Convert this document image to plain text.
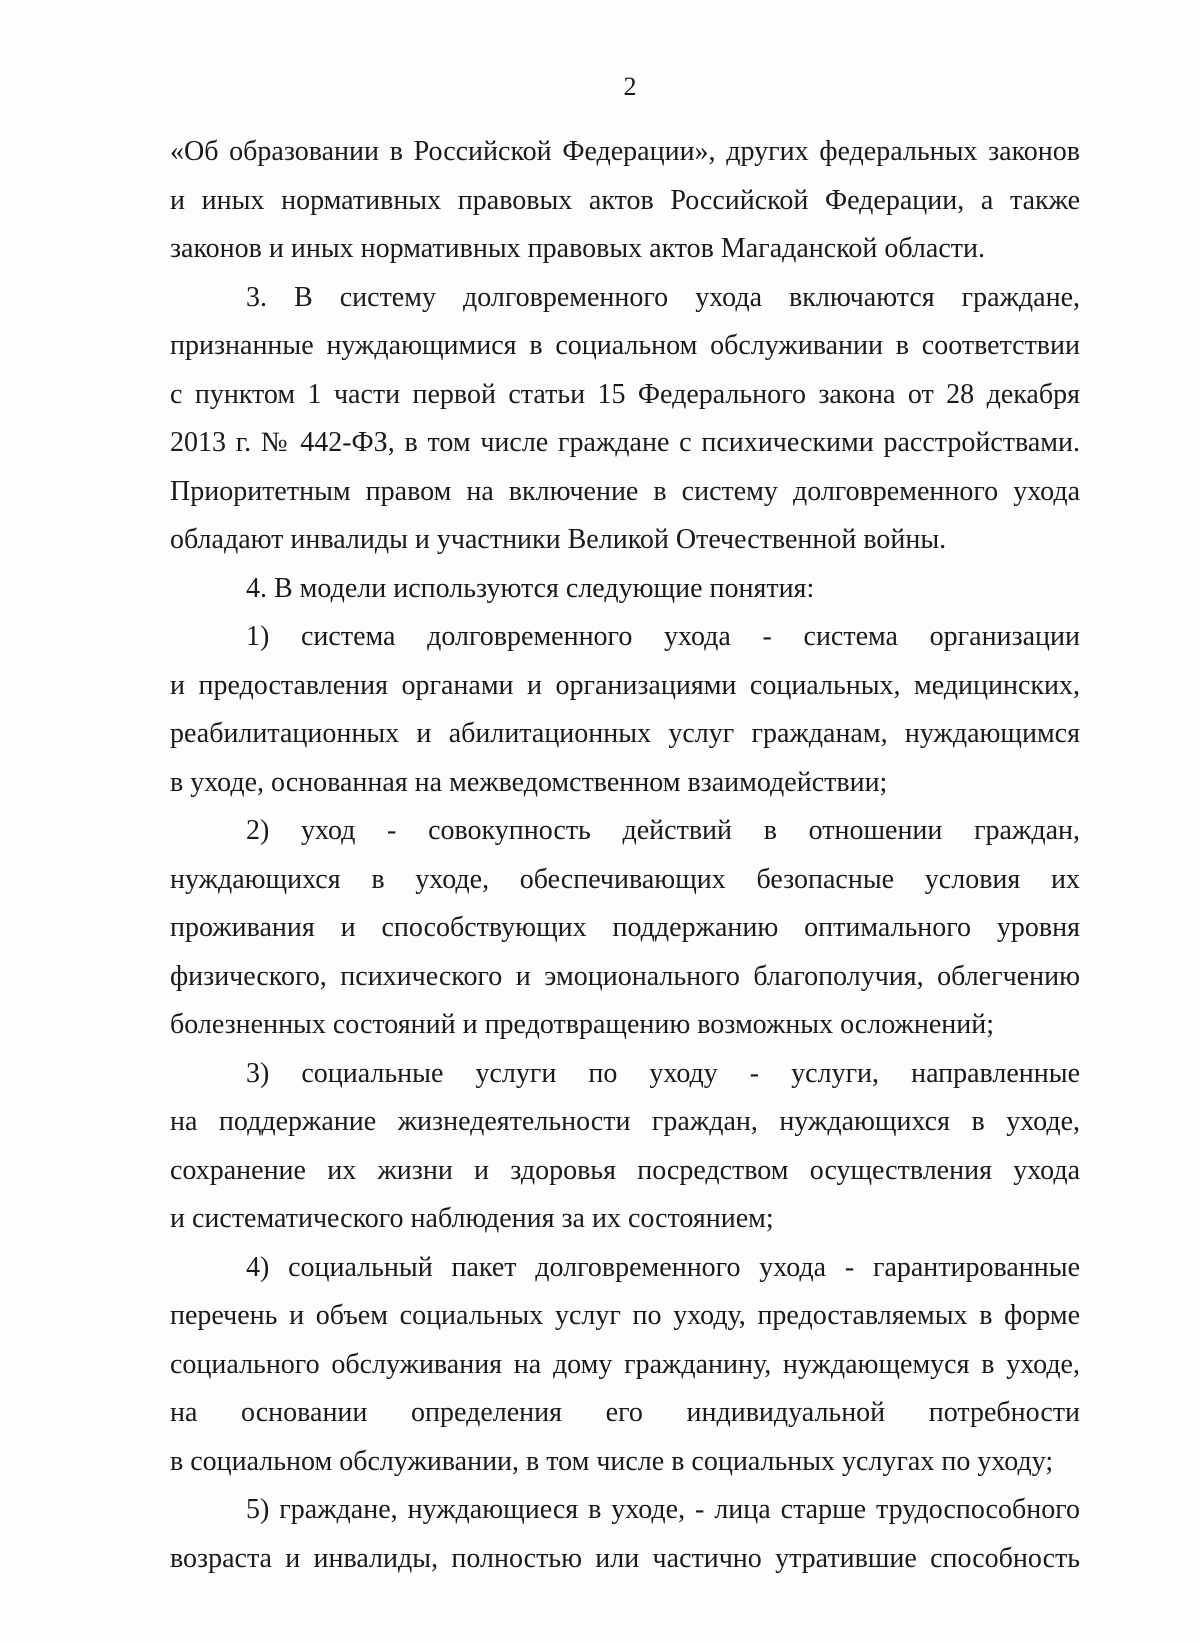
2
«Об образовании в Российской Федерации», других федеральных законов
и иных нормативных правовых актов Российской Федерации, а также
законов и иных нормативных правовых актов Магаданской области.
3. В систему долговременного ухода включаются граждане,
признанные нуждающимися в социальном обслуживании в соответствии
с пунктом 1 части первой статьи 15 Федерального закона от 28 декабря
2013 г. № 442-ФЗ, в том числе граждане с психическими расстройствами.
Приоритетным правом на включение в систему долговременного ухода
обладают инвалиды и участники Великой Отечественной войны.
4. В модели используются следующие понятия:
1) система долговременного ухода - система организации
и предоставления органами и организациями социальных, медицинских,
реабилитационных и абилитационных услуг гражданам, нуждающимся
в уходе, основанная на межведомственном взаимодействии;
2) уход - совокупность действий в отношении граждан,
нуждающихся в уходе, обеспечивающих безопасные условия их
проживания и способствующих поддержанию оптимального уровня
физического, психического и эмоционального благополучия, облегчению
болезненных состояний и предотвращению возможных осложнений;
3) социальные услуги по уходу - услуги, направленные
на поддержание жизнедеятельности граждан, нуждающихся в уходе,
сохранение их жизни и здоровья посредством осуществления ухода
и систематического наблюдения за их состоянием;
4) социальный пакет долговременного ухода - гарантированные
перечень и объем социальных услуг по уходу, предоставляемых в форме
социального обслуживания на дому гражданину, нуждающемуся в уходе,
на основании определения его индивидуальной потребности
в социальном обслуживании, в том числе в социальных услугах по уходу;
5) граждане, нуждающиеся в уходе, - лица старше трудоспособного
возраста и инвалиды, полностью или частично утратившие способность
